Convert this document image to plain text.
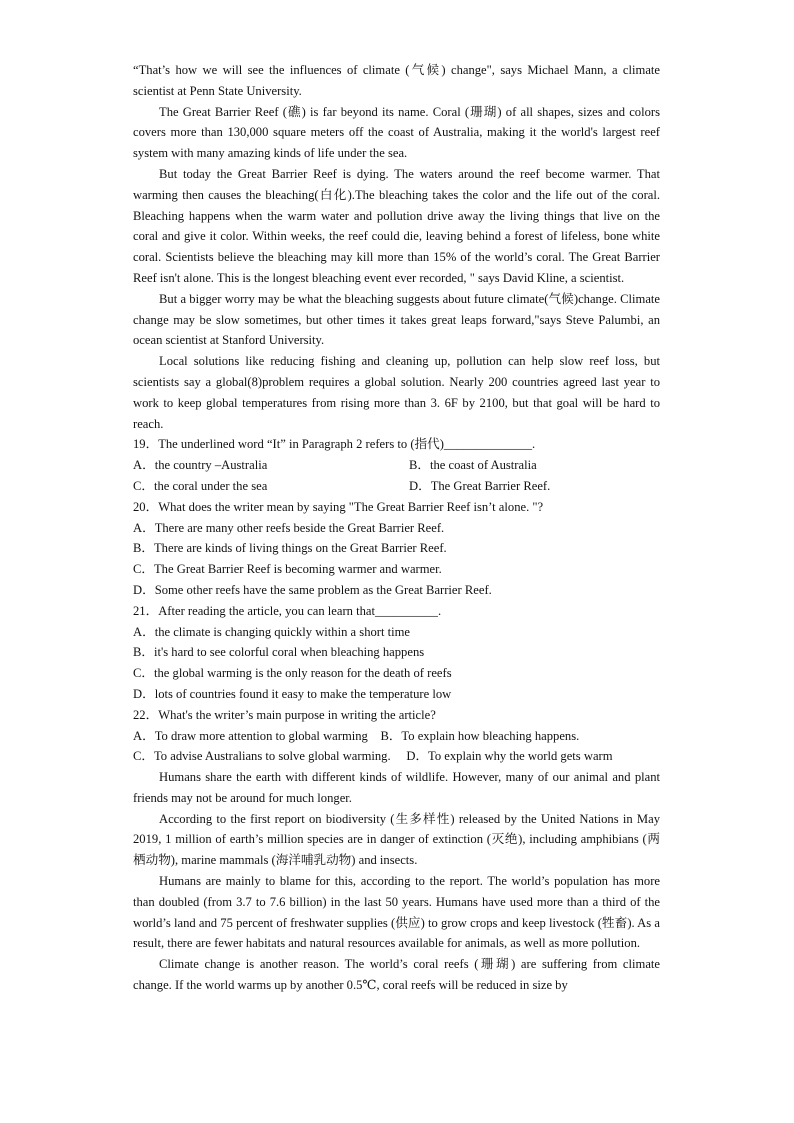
“That’s how we will see the influences of climate (气候) change", says Michael Mann, a climate scientist at Penn State University.

The Great Barrier Reef (礁) is far beyond its name. Coral (珊瑚) of all shapes, sizes and colors covers more than 130,000 square meters off the coast of Australia, making it the world's largest reef system with many amazing kinds of life under the sea.

But today the Great Barrier Reef is dying. The waters around the reef become warmer. That warming then causes the bleaching(白化).The bleaching takes the color and the life out of the coral. Bleaching happens when the warm water and pollution drive away the living things that live on the coral and give it color. Within weeks, the reef could die, leaving behind a forest of lifeless, bone white coral. Scientists believe the bleaching may kill more than 15% of the world’s coral. The Great Barrier Reef isn't alone. This is the longest bleaching event ever recorded, " says David Kline, a scientist.

But a bigger worry may be what the bleaching suggests about future climate(气候)change. Climate change may be slow sometimes, but other times it takes great leaps forward,"says Steve Palumbi, an ocean scientist at Stanford University.

Local solutions like reducing fishing and cleaning up, pollution can help slow reef loss, but scientists say a global(8)problem requires a global solution. Nearly 200 countries agreed last year to work to keep global temperatures from rising more than 3. 6F by 2100, but that goal will be hard to reach.

19．The underlined word “It” in Paragraph 2 refers to (指代)______________.

A．the country –Australia	B．the coast of Australia
C．the coral under the sea	D．The Great Barrier Reef.

20．What does the writer mean by saying "The Great Barrier Reef isn’t alone. "?

A．There are many other reefs beside the Great Barrier Reef.

B．There are kinds of living things on the Great Barrier Reef.

C．The Great Barrier Reef is becoming warmer and warmer.

D．Some other reefs have the same problem as the Great Barrier Reef.

21．After reading the article, you can learn that__________.

A．the climate is changing quickly within a short time

B．it's hard to see colorful coral when bleaching happens

C．the global warming is the only reason for the death of reefs

D．lots of countries found it easy to make the temperature low

22．What's the writer’s main purpose in writing the article?

A．To draw more attention to global warming　B．To explain how bleaching happens.

C．To advise Australians to solve global warming.　 D．To explain why the world gets warm

Humans share the earth with different kinds of wildlife. However, many of our animal and plant friends may not be around for much longer.

According to the first report on biodiversity (生多样性) released by the United Nations in May 2019, 1 million of earth’s million species are in danger of extinction (灭绝), including amphibians (两栖动物), marine mammals (海洋哺乳动物) and insects.

Humans are mainly to blame for this, according to the report. The world’s population has more than doubled (from 3.7 to 7.6 billion) in the last 50 years. Humans have used more than a third of the world’s land and 75 percent of freshwater supplies (供应) to grow crops and keep livestock (牲畜). As a result, there are fewer habitats and natural resources available for animals, as well as more pollution.

Climate change is another reason. The world’s coral reefs (珊瑚) are suffering from climate change. If the world warms up by another 0.5℃, coral reefs will be reduced in size by
